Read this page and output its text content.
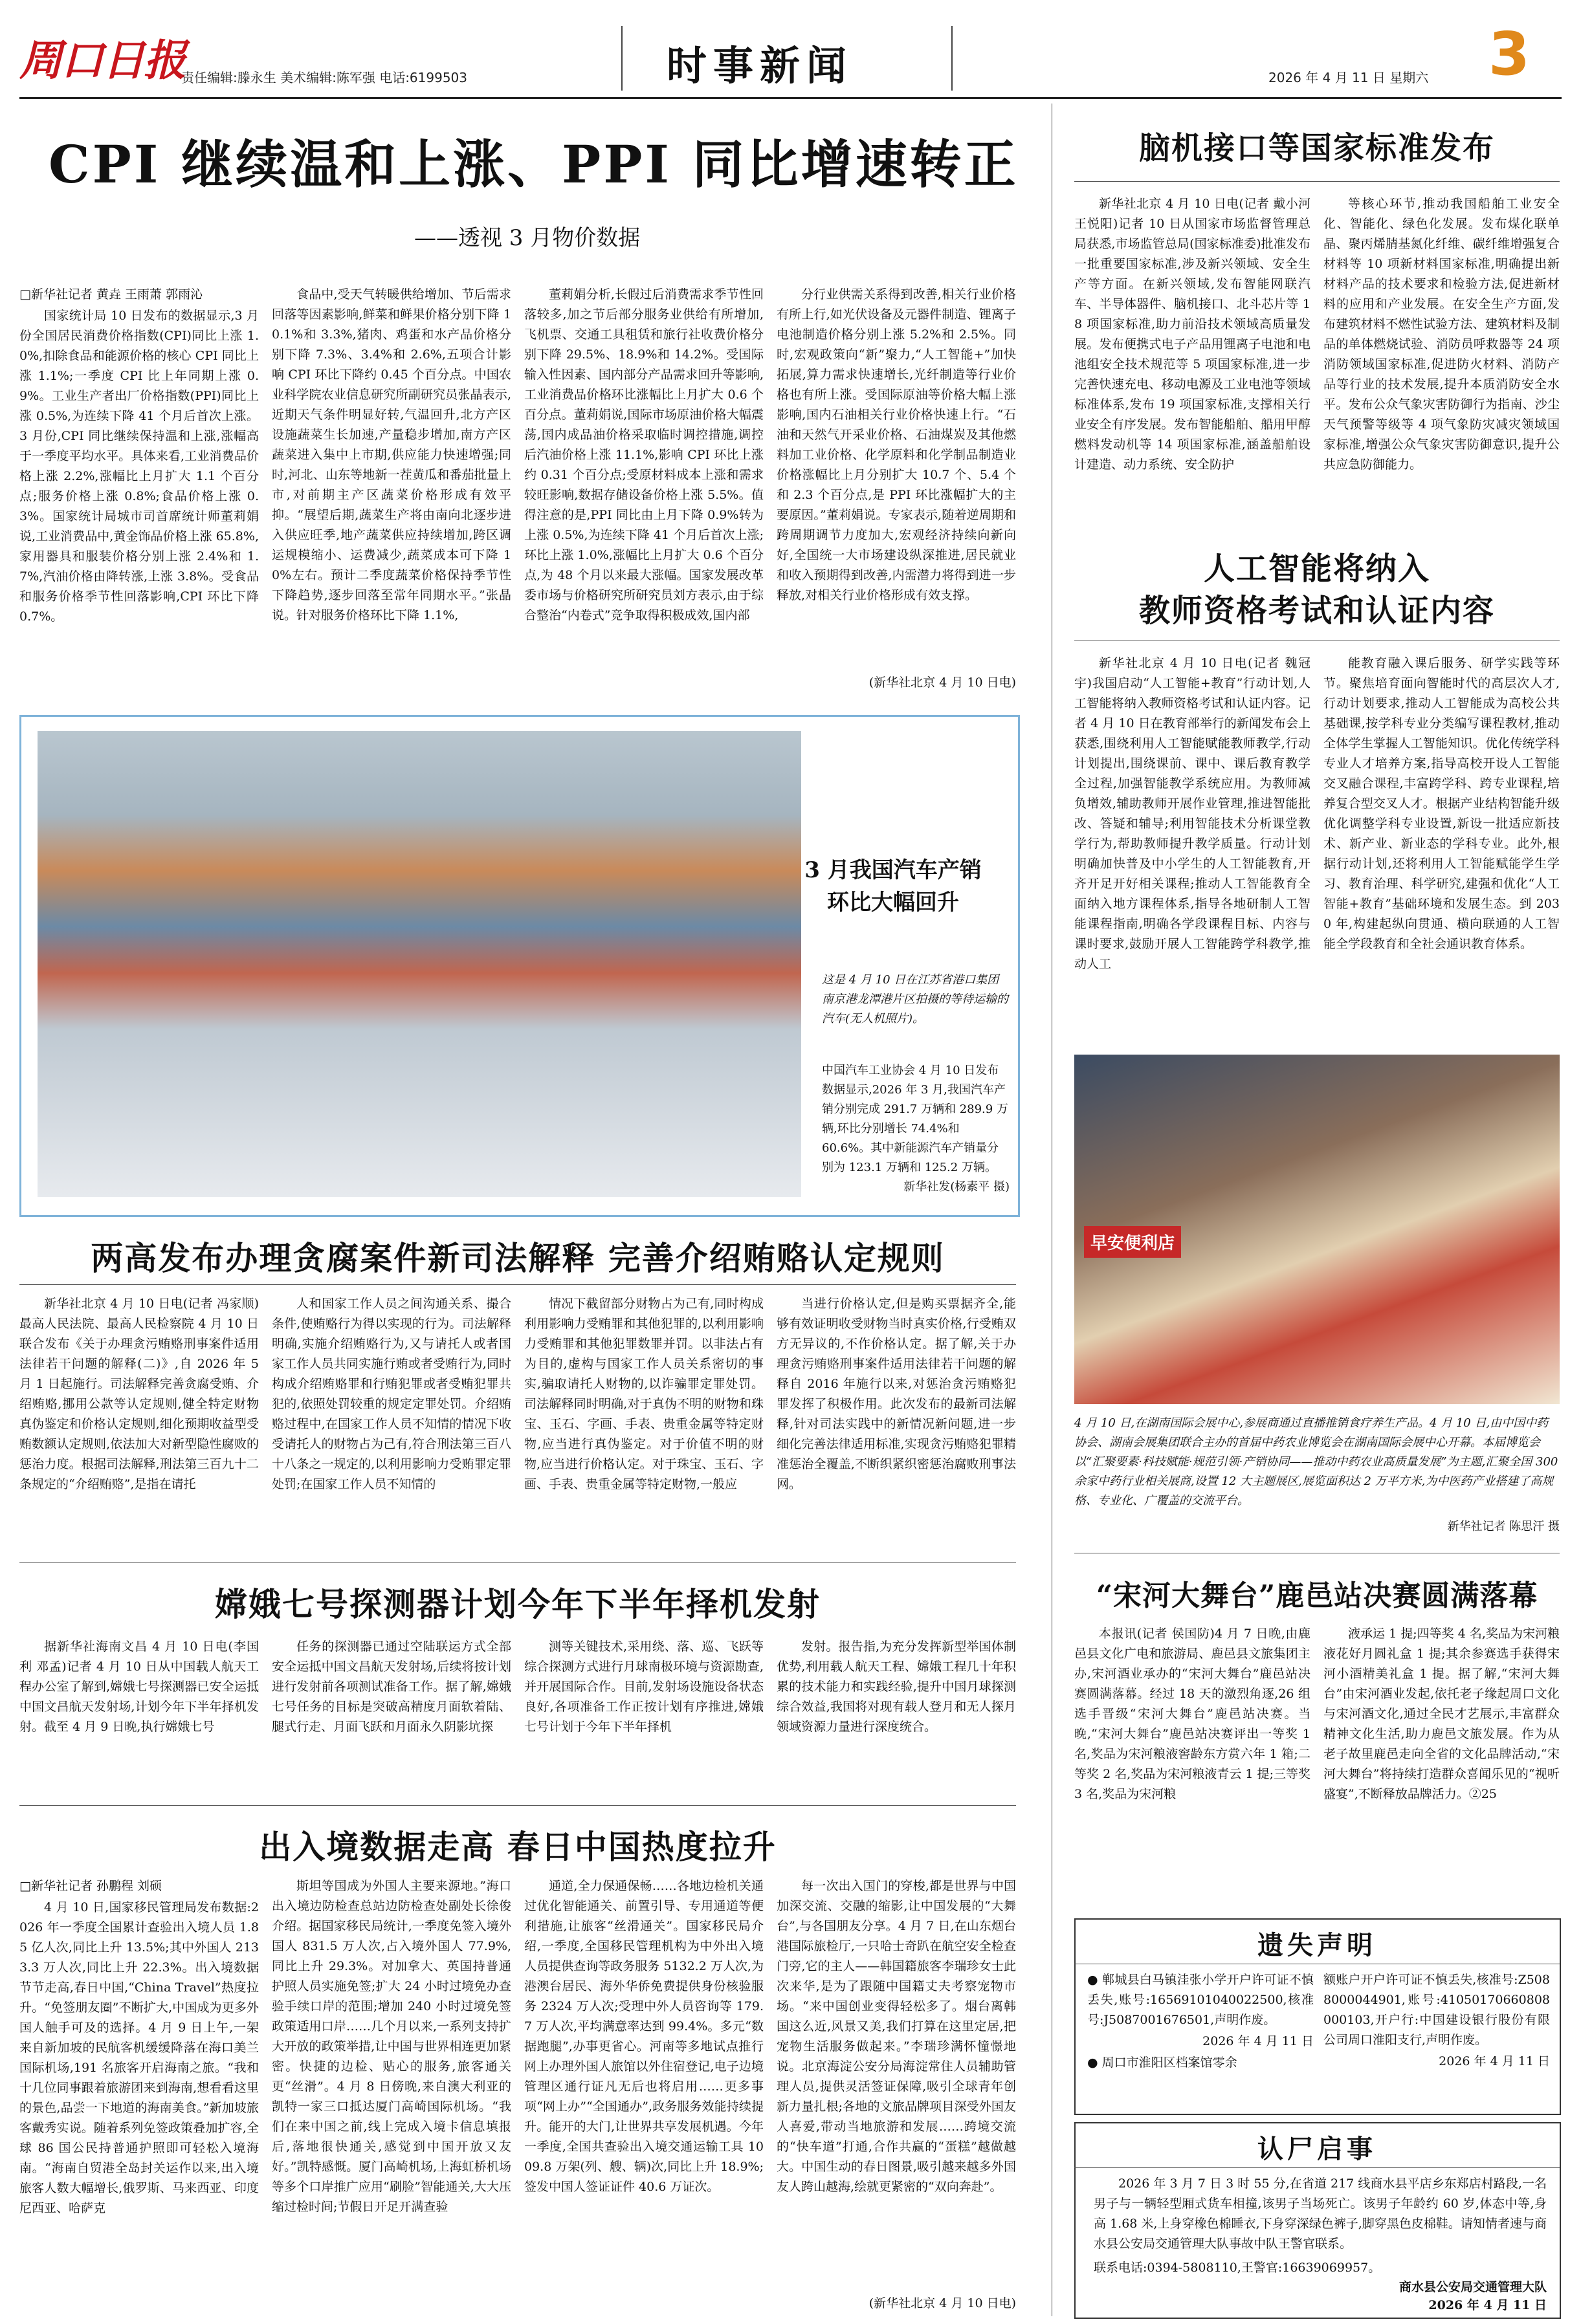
周口日报
责任编辑:滕永生 美术编辑:陈军强 电话:6199503	时事新闻	2026 年 4 月 11 日 星期六 3
CPI 继续温和上涨、PPI 同比增速转正
——透视 3 月物价数据

□新华社记者 黄垚 王雨萧 郭雨沁

国家统计局 10 日发布的数据显示,3 月份全国居民消费价格指数(CPI)同比上涨 1.0%,扣除食品和能源价格的核心 CPI 同比上涨 1.1%;一季度 CPI 比上年同期上涨 0.9%。工业生产者出厂价格指数(PPI)同比上涨 0.5%,为连续下降 41 个月后首次上涨。3 月份,CPI 同比继续保持温和上涨,涨幅高于一季度平均水平。具体来看,工业消费品价格上涨 2.2%,涨幅比上月扩大 1.1 个百分点;服务价格上涨 0.8%;食品价格上涨 0.3%。国家统计局城市司首席统计师董莉娟说,工业消费品中,黄金饰品价格上涨 65.8%,家用器具和服装价格分别上涨 2.4%和 1.7%,汽油价格由降转涨,上涨 3.8%。受食品和服务价格季节性回落影响,CPI 环比下降 0.7%。

食品中,受天气转暖供给增加、节后需求回落等因素影响,鲜菜和鲜果价格分别下降 10.1%和 3.3%,猪肉、鸡蛋和水产品价格分别下降 7.3%、3.4%和 2.6%,五项合计影响 CPI 环比下降约 0.45 个百分点。中国农业科学院农业信息研究所副研究员张晶表示,近期天气条件明显好转,气温回升,北方产区设施蔬菜生长加速,产量稳步增加,南方产区蔬菜进入集中上市期,供应能力快速增强;同时,河北、山东等地新一茬黄瓜和番茄批量上市,对前期主产区蔬菜价格形成有效平抑。“展望后期,蔬菜生产将由南向北逐步进入供应旺季,地产蔬菜供应持续增加,跨区调运规模缩小、运费减少,蔬菜成本可下降 10%左右。预计二季度蔬菜价格保持季节性下降趋势,逐步回落至常年同期水平。”张晶说。针对服务价格环比下降 1.1%,

董莉娟分析,长假过后消费需求季节性回落较多,加之节后部分服务业供给有所增加,飞机票、交通工具租赁和旅行社收费价格分别下降 29.5%、18.9%和 14.2%。受国际输入性因素、国内部分产品需求回升等影响,工业消费品价格环比涨幅比上月扩大 0.6 个百分点。董莉娟说,国际市场原油价格大幅震荡,国内成品油价格采取临时调控措施,调控后汽油价格上涨 11.1%,影响 CPI 环比上涨约 0.31 个百分点;受原材料成本上涨和需求较旺影响,数据存储设备价格上涨 5.5%。值得注意的是,PPI 同比由上月下降 0.9%转为上涨 0.5%,为连续下降 41 个月后首次上涨;环比上涨 1.0%,涨幅比上月扩大 0.6 个百分点,为 48 个月以来最大涨幅。国家发展改革委市场与价格研究所研究员刘方表示,由于综合整治“内卷式”竞争取得积极成效,国内部

分行业供需关系得到改善,相关行业价格有所上行,如光伏设备及元器件制造、锂离子电池制造价格分别上涨 5.2%和 2.5%。同时,宏观政策向“新”聚力,“人工智能+”加快拓展,算力需求快速增长,光纤制造等行业价格也有所上涨。受国际原油等价格大幅上涨影响,国内石油相关行业价格快速上行。“石油和天然气开采业价格、石油煤炭及其他燃料加工业价格、化学原料和化学制品制造业价格涨幅比上月分别扩大 10.7 个、5.4 个和 2.3 个百分点,是 PPI 环比涨幅扩大的主要原因。”董莉娟说。专家表示,随着逆周期和跨周期调节力度加大,宏观经济持续向新向好,全国统一大市场建设纵深推进,居民就业和收入预期得到改善,内需潜力将得到进一步释放,对相关行业价格形成有效支撑。

(新华社北京 4 月 10 日电)
3 月我国汽车产销环比大幅回升
这是 4 月 10 日在江苏省港口集团南京港龙潭港片区拍摄的等待运输的汽车(无人机照片)。
中国汽车工业协会 4 月 10 日发布数据显示,2026 年 3 月,我国汽车产销分别完成 291.7 万辆和 289.9 万辆,环比分别增长 74.4%和 60.6%。其中新能源汽车产销量分别为 123.1 万辆和 125.2 万辆。
新华社发(杨素平 摄)
脑机接口等国家标准发布

新华社北京 4 月 10 日电(记者 戴小河 王悦阳)记者 10 日从国家市场监督管理总局获悉,市场监管总局(国家标准委)批准发布一批重要国家标准,涉及新兴领域、安全生产等方面。在新兴领域,发布智能网联汽车、半导体器件、脑机接口、北斗芯片等 18 项国家标准,助力前沿技术领域高质量发展。发布便携式电子产品用锂离子电池和电池组安全技术规范等 5 项国家标准,进一步完善快速充电、移动电源及工业电池等领域标准体系,发布 19 项国家标准,支撑相关行业安全有序发展。发布智能船舶、船用甲醇燃料发动机等 14 项国家标准,涵盖船舶设计建造、动力系统、安全防护

等核心环节,推动我国船舶工业安全化、智能化、绿色化发展。发布煤化联单晶、聚丙烯腈基氮化纤维、碳纤维增强复合材料等 10 项新材料国家标准,明确提出新材料产品的技术要求和检验方法,促进新材料的应用和产业发展。在安全生产方面,发布建筑材料不燃性试验方法、建筑材料及制品的单体燃烧试验、消防员呼救器等 24 项消防领域国家标准,促进防火材料、消防产品等行业的技术发展,提升本质消防安全水平。发布公众气象灾害防御行为指南、沙尘天气预警等级等 4 项气象防灾减灾领域国家标准,增强公众气象灾害防御意识,提升公共应急防御能力。

人工智能将纳入
教师资格考试和认证内容

新华社北京 4 月 10 日电(记者 魏冠宇)我国启动“人工智能+教育”行动计划,人工智能将纳入教师资格考试和认证内容。记者 4 月 10 日在教育部举行的新闻发布会上获悉,围绕利用人工智能赋能教师教学,行动计划提出,围绕课前、课中、课后教育教学全过程,加强智能教学系统应用。为教师减负增效,辅助教师开展作业管理,推进智能批改、答疑和辅导;利用智能技术分析课堂教学行为,帮助教师提升教学质量。行动计划明确加快普及中小学生的人工智能教育,开齐开足开好相关课程;推动人工智能教育全面纳入地方课程体系,指导各地研制人工智能课程指南,明确各学段课程目标、内容与课时要求,鼓励开展人工智能跨学科教学,推动人工

能教育融入课后服务、研学实践等环节。聚焦培育面向智能时代的高层次人才,行动计划要求,推动人工智能成为高校公共基础课,按学科专业分类编写课程教材,推动全体学生掌握人工智能知识。优化传统学科专业人才培养方案,指导高校开设人工智能交叉融合课程,丰富跨学科、跨专业课程,培养复合型交叉人才。根据产业结构智能升级优化调整学科专业设置,新设一批适应新技术、新产业、新业态的学科专业。此外,根据行动计划,还将利用人工智能赋能学生学习、教育治理、科学研究,建强和优化“人工智能+教育”基础环境和发展生态。到 2030 年,构建起纵向贯通、横向联通的人工智能全学段教育和全社会通识教育体系。

早安便利店
4 月 10 日,在湖南国际会展中心,参展商通过直播推销食疗养生产品。4 月 10 日,由中国中药协会、湖南会展集团联合主办的首届中药农业博览会在湖南国际会展中心开幕。本届博览会以“汇聚要素·科技赋能·规范引领·产销协同——推动中药农业高质量发展”为主题,汇聚全国 300 余家中药行业相关展商,设置 12 大主题展区,展览面积达 2 万平方米,为中医药产业搭建了高规格、专业化、广覆盖的交流平台。
新华社记者 陈思汗 摄
“宋河大舞台”鹿邑站决赛圆满落幕

本报讯(记者 侯国防)4 月 7 日晚,由鹿邑县文化广电和旅游局、鹿邑县文旅集团主办,宋河酒业承办的“宋河大舞台”鹿邑站决赛圆满落幕。经过 18 天的激烈角逐,26 组选手晋级“宋河大舞台”鹿邑站决赛。当晚,“宋河大舞台”鹿邑站决赛评出一等奖 1 名,奖品为宋河粮液窖龄东方赏六年 1 箱;二等奖 2 名,奖品为宋河粮液青云 1 提;三等奖 3 名,奖品为宋河粮

液承运 1 提;四等奖 4 名,奖品为宋河粮液花好月圆礼盒 1 提;其余参赛选手获得宋河小酒精美礼盒 1 提。据了解,“宋河大舞台”由宋河酒业发起,依托老子缘起周口文化与宋河酒文化,通过全民才艺展示,丰富群众精神文化生活,助力鹿邑文旅发展。作为从老子故里鹿邑走向全省的文化品牌活动,“宋河大舞台”将持续打造群众喜闻乐见的“视听盛宴”,不断释放品牌活力。②25

遗失声明

● 郸城县白马镇洼张小学开户许可证不慎丢失,账号:16569101040022500,核准号:J5087001676501,声明作废。

2026 年 4 月 11 日

● 周口市淮阳区档案馆零余

额账户开户许可证不慎丢失,核准号:Z5088000044901,账号:41050170660808000103,开户行:中国建设银行股份有限公司周口淮阳支行,声明作废。

2026 年 4 月 11 日

认尸启事

2026 年 3 月 7 日 3 时 55 分,在省道 217 线商水县平店乡东郑店村路段,一名男子与一辆轻型厢式货车相撞,该男子当场死亡。该男子年龄约 60 岁,体态中等,身高 1.68 米,上身穿橡色棉睡衣,下身穿深绿色裤子,脚穿黑色皮棉鞋。请知情者速与商水县公安局交通管理大队事故中队王警官联系。

联系电话:0394-5808110,王警官:16639069957。
商水县公安局交通管理大队
2026 年 4 月 11 日
两高发布办理贪腐案件新司法解释 完善介绍贿赂认定规则

新华社北京 4 月 10 日电(记者 冯家顺)最高人民法院、最高人民检察院 4 月 10 日联合发布《关于办理贪污贿赂刑事案件适用法律若干问题的解释(二)》,自 2026 年 5 月 1 日起施行。司法解释完善贪腐受贿、介绍贿赂,挪用公款等认定规则,健全特定财物真伪鉴定和价格认定规则,细化预期收益型受贿数额认定规则,依法加大对新型隐性腐败的惩治力度。根据司法解释,刑法第三百九十二条规定的“介绍贿赂”,是指在请托

人和国家工作人员之间沟通关系、撮合条件,使贿赂行为得以实现的行为。司法解释明确,实施介绍贿赂行为,又与请托人或者国家工作人员共同实施行贿或者受贿行为,同时构成介绍贿赂罪和行贿犯罪或者受贿犯罪共犯的,依照处罚较重的规定定罪处罚。介绍贿赂过程中,在国家工作人员不知情的情况下收受请托人的财物占为己有,符合刑法第三百八十八条之一规定的,以利用影响力受贿罪定罪处罚;在国家工作人员不知情的

情况下截留部分财物占为己有,同时构成利用影响力受贿罪和其他犯罪的,以利用影响力受贿罪和其他犯罪数罪并罚。以非法占有为目的,虚构与国家工作人员关系密切的事实,骗取请托人财物的,以诈骗罪定罪处罚。司法解释同时明确,对于真伪不明的财物和珠宝、玉石、字画、手表、贵重金属等特定财物,应当进行真伪鉴定。对于价值不明的财物,应当进行价格认定。对于珠宝、玉石、字画、手表、贵重金属等特定财物,一般应

当进行价格认定,但是购买票据齐全,能够有效证明收受财物当时真实价格,行受贿双方无异议的,不作价格认定。据了解,关于办理贪污贿赂刑事案件适用法律若干问题的解释自 2016 年施行以来,对惩治贪污贿赂犯罪发挥了积极作用。此次发布的最新司法解释,针对司法实践中的新情况新问题,进一步细化完善法律适用标准,实现贪污贿赂犯罪精准惩治全覆盖,不断织紧织密惩治腐败刑事法网。

嫦娥七号探测器计划今年下半年择机发射

据新华社海南文昌 4 月 10 日电(李国利 邓孟)记者 4 月 10 日从中国载人航天工程办公室了解到,嫦娥七号探测器已安全运抵中国文昌航天发射场,计划今年下半年择机发射。截至 4 月 9 日晚,执行嫦娥七号

任务的探测器已通过空陆联运方式全部安全运抵中国文昌航天发射场,后续将按计划进行发射前各项测试准备工作。据了解,嫦娥七号任务的目标是突破高精度月面软着陆、腿式行走、月面飞跃和月面永久阴影坑探

测等关键技术,采用绕、落、巡、飞跃等综合探测方式进行月球南极环境与资源勘查,并开展国际合作。目前,发射场设施设备状态良好,各项准备工作正按计划有序推进,嫦娥七号计划于今年下半年择机

发射。报告指,为充分发挥新型举国体制优势,利用载人航天工程、嫦娥工程几十年积累的技术能力和实践经验,提升中国月球探测综合效益,我国将对现有载人登月和无人探月领域资源力量进行深度统合。

出入境数据走高 春日中国热度拉升

□新华社记者 孙鹏程 刘硕

4 月 10 日,国家移民管理局发布数据:2026 年一季度全国累计查验出入境人员 1.85 亿人次,同比上升 13.5%;其中外国人 2133.3 万人次,同比上升 22.3%。出入境数据节节走高,春日中国,“China Travel”热度拉升。“免签朋友圈”不断扩大,中国成为更多外国人触手可及的选择。4 月 9 日上午,一架来自新加坡的民航客机缓缓降落在海口美兰国际机场,191 名旅客开启海南之旅。“我和十几位同事跟着旅游团来到海南,想看看这里的景色,品尝一下地道的海南美食。”新加坡旅客戴秀实说。随着系列免签政策叠加扩容,全球 86 国公民持普通护照即可轻松入境海南。“海南自贸港全岛封关运作以来,出入境旅客人数大幅增长,俄罗斯、马来西亚、印度尼西亚、哈萨克

斯坦等国成为外国人主要来源地。”海口出入境边防检查总站边防检查处副处长徐俊介绍。据国家移民局统计,一季度免签入境外国人 831.5 万人次,占入境外国人 77.9%,同比上升 29.3%。对加拿大、英国持普通护照人员实施免签;扩大 24 小时过境免办查验手续口岸的范围;增加 240 小时过境免签政策适用口岸……几个月以来,一系列支持扩大开放的政策举措,让中国与世界相连更加紧密。快捷的边检、贴心的服务,旅客通关更“丝滑”。4 月 8 日傍晚,来自澳大利亚的凯特一家三口抵达厦门高崎国际机场。“我们在来中国之前,线上完成入境卡信息填报后,落地很快通关,感觉到中国开放又友好。”凯特感慨。厦门高崎机场,上海虹桥机场等多个口岸推广应用“刷脸”智能通关,大大压缩过检时间;节假日开足开满查验

通道,全力保通保畅……各地边检机关通过优化智能通关、前置引导、专用通道等便利措施,让旅客“丝滑通关”。国家移民局介绍,一季度,全国移民管理机构为中外出入境人员提供查询等政务服务 5132.2 万人次,为港澳台居民、海外华侨免费提供身份核验服务 2324 万人次;受理中外人员咨询等 179.7 万人次,平均满意率达到 99.4%。多元“数据跑腿”,办事更省心。河南等多地试点推行网上办理外国人旅馆以外住宿登记,电子边境管理区通行证凡无后也将启用……更多事项“网上办”“全国通办”,政务服务效能持续提升。能开的大门,让世界共享发展机遇。今年一季度,全国共查验出入境交通运输工具 1009.8 万架(列、艘、辆)次,同比上升 18.9%;签发中国人签证证件 40.6 万证次。

每一次出入国门的穿梭,都是世界与中国加深交流、交融的缩影,让中国发展的“大舞台”,与各国朋友分享。4 月 7 日,在山东烟台港国际旅检厅,一只哈士奇趴在航空安全检查门旁,它的主人——韩国籍旅客李瑞珍女士此次来华,是为了跟随中国籍丈夫考察宠物市场。“来中国创业变得轻松多了。烟台离韩国这么近,风景又美,我们打算在这里定居,把宠物生活服务做起来。”李瑞珍满怀憧憬地说。北京海淀公安分局海淀常住人员辅助管理人员,提供灵活签证保障,吸引全球青年创新力量扎根;各地的文旅品牌项目深受外国友人喜爱,带动当地旅游和发展……跨境交流的“快车道”打通,合作共赢的“蛋糕”越做越大。中国生动的春日图景,吸引越来越多外国友人跨山越海,绘就更紧密的“双向奔赴”。

(新华社北京 4 月 10 日电)
